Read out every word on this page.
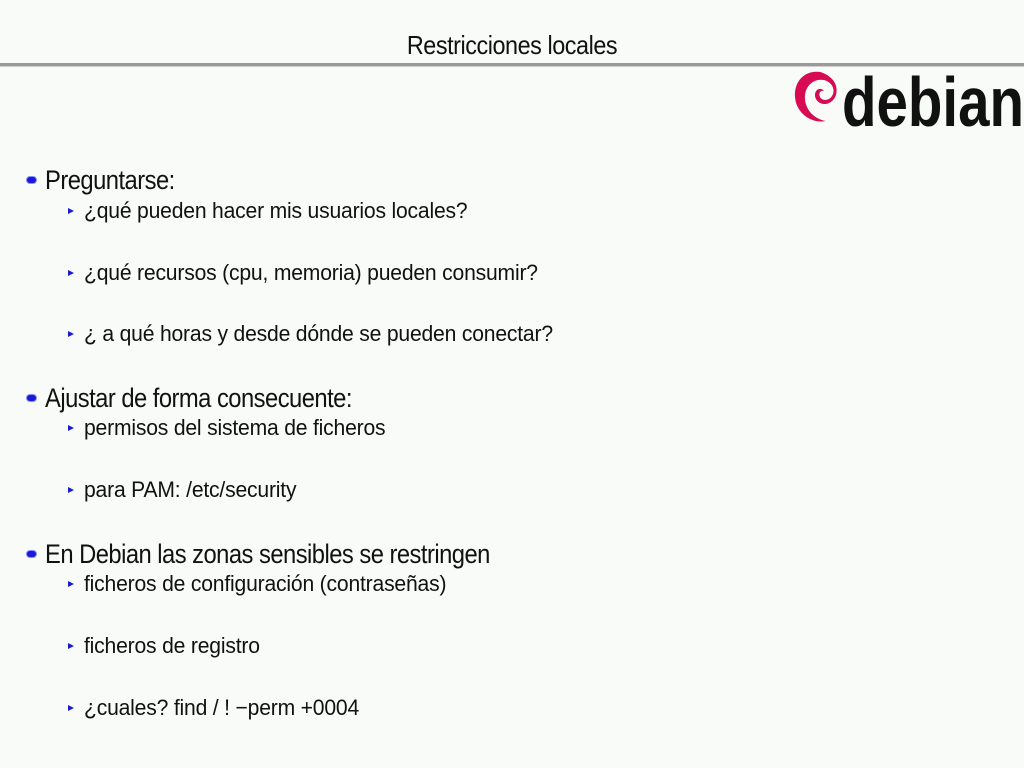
Restricciones locales
debian
Preguntarse:
¿qué pueden hacer mis usuarios locales?
¿qué recursos (cpu, memoria) pueden consumir?
¿ a qué horas y desde dónde se pueden conectar?
Ajustar de forma consecuente:
permisos del sistema de ficheros
para PAM: /etc/security
En Debian las zonas sensibles se restringen
ficheros de configuración (contraseñas)
ficheros de registro
¿cuales? find / ! −perm +0004
